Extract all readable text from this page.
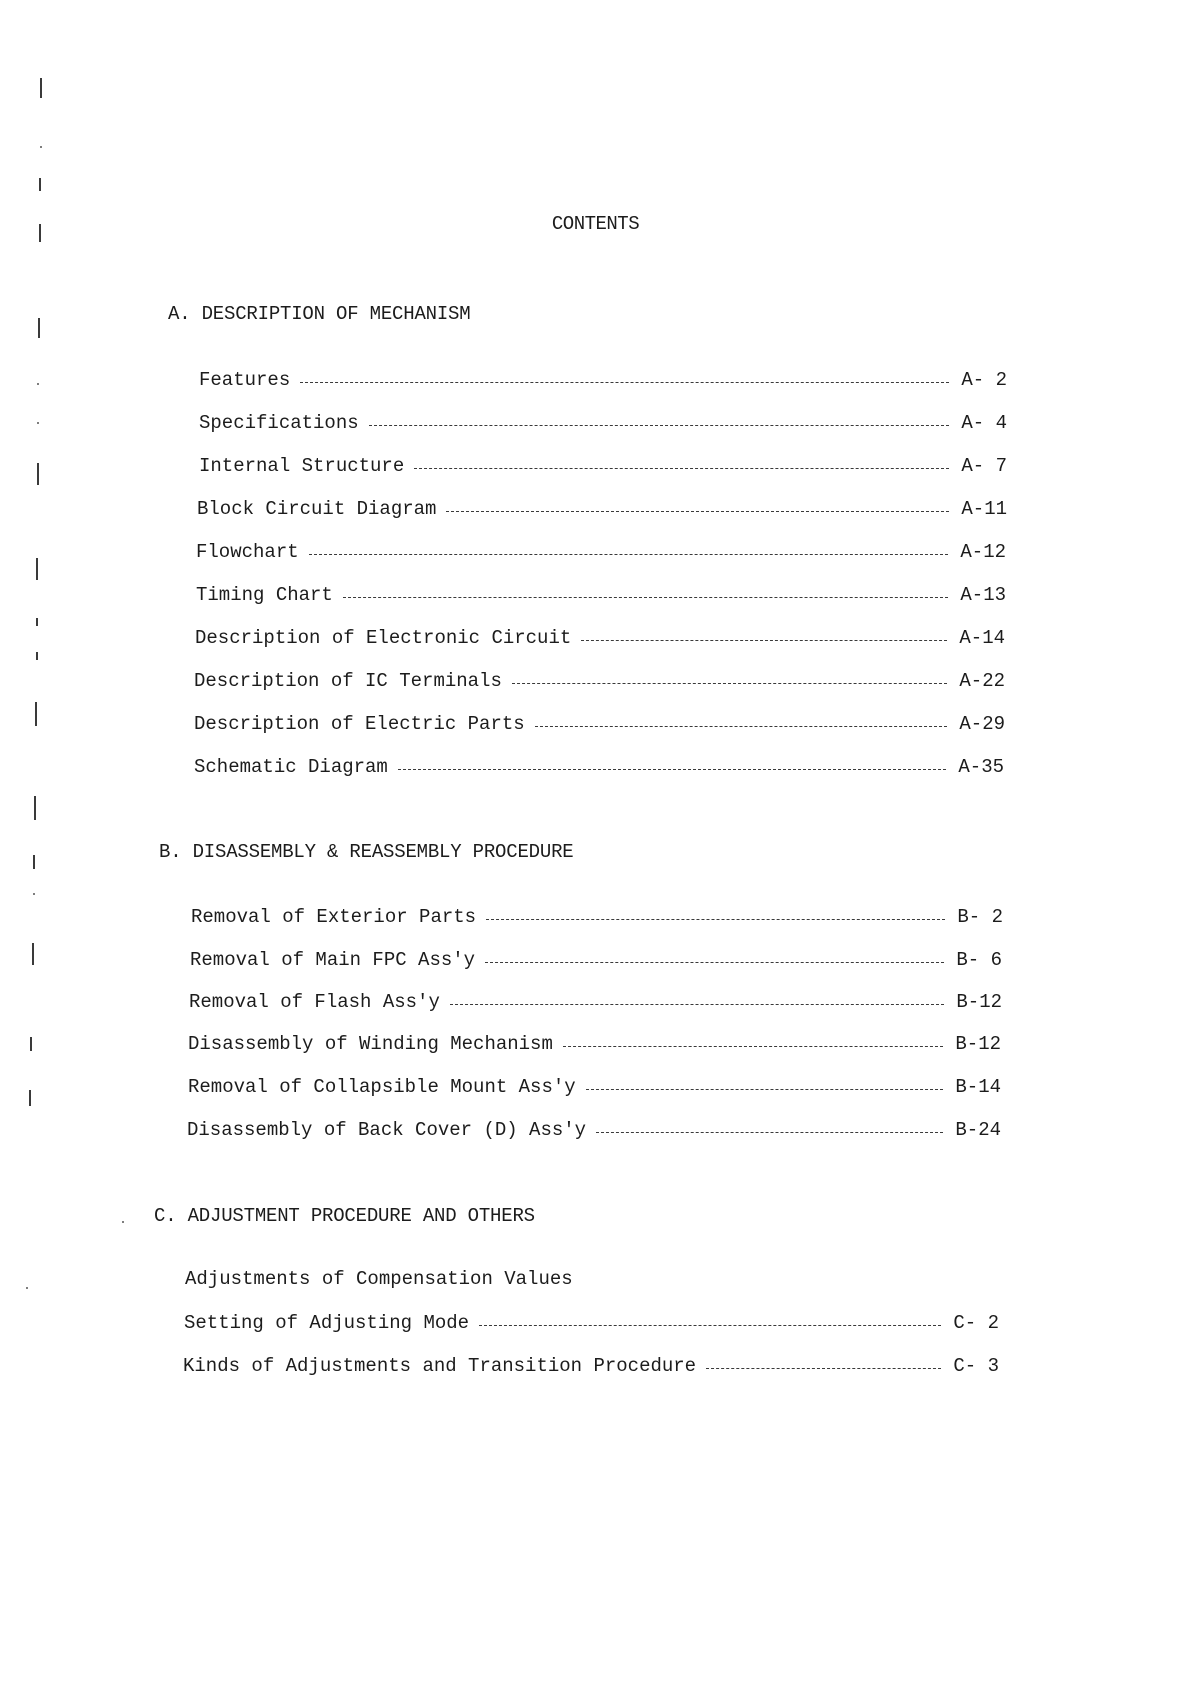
CONTENTS
A. DESCRIPTION OF MECHANISM
Features	A- 2
Specifications	A- 4
Internal Structure	A- 7
Block Circuit Diagram	A-11
Flowchart	A-12
Timing Chart	A-13
Description of Electronic Circuit	A-14
Description of IC Terminals	A-22
Description of Electric Parts	A-29
Schematic Diagram	A-35
B. DISASSEMBLY & REASSEMBLY PROCEDURE
Removal of Exterior Parts	B- 2
Removal of Main FPC Ass'y	B- 6
Removal of Flash Ass'y	B-12
Disassembly of Winding Mechanism	B-12
Removal of Collapsible Mount Ass'y	B-14
Disassembly of Back Cover (D) Ass'y	B-24
C. ADJUSTMENT PROCEDURE AND OTHERS
Adjustments of Compensation Values
Setting of Adjusting Mode	C- 2
Kinds of Adjustments and Transition Procedure	C- 3
